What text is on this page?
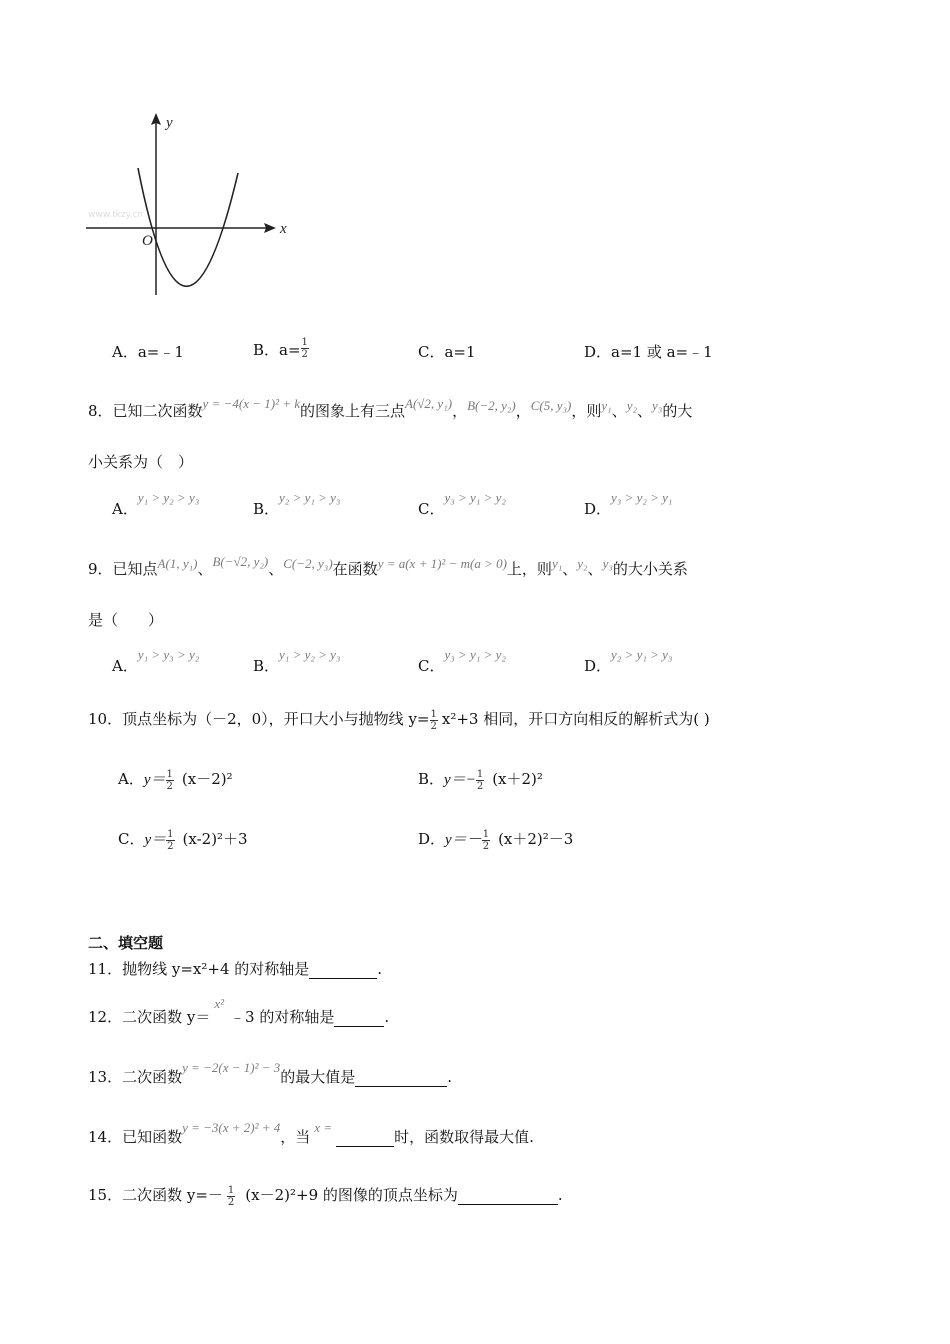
y
x
O
www.tkzy.cn
A．a=﹣1	B．$a= \frac{1}{2}$	C．a=1	D．a=1 或 a=﹣1
8．已知二次函数y = −4(x − 1)² + k的图象上有三点A(√2, y₁)，B(−2, y₂)，C(5, y₃)，则y₁、y₂、y₃的大
小关系为（　）
A．y₁ > y₂ > y₃
B．y₂ > y₁ > y₃
C．y₃ > y₁ > y₂
D．y₃ > y₂ > y₁
9．已知点A(1, y₁)、B(−√2, y₂)、C(−2, y₃)在函数y = a(x + 1)² − m(a > 0)上，则y₁、y₂、y₃的大小关系
是（　　）
A．y₁ > y₃ > y₂
B．y₁ > y₂ > y₃
C．y₃ > y₁ > y₂
D．y₂ > y₁ > y₃
10．顶点坐标为（－2，0），开口大小与抛物线 $y= \frac{1}{2} x^2+3$ 相同，开口方向相反的解析式为( )
A．$y= \frac{1}{2} (x-2)^2$	B．$y=- \frac{1}{2} (x+2)^2$
C．$y= \frac{1}{2} (x-2)^2+3$	D．$y=- \frac{1}{2} (x+2)^2-3$
二、填空题
11．抛物线 y=x²+4 的对称轴是	.
12．二次函数 y＝x²﹣3 的对称轴是	.
13．二次函数y = −2(x − 1)² − 3的最大值是	.
14．已知函数y = −3(x + 2)² + 4，当x = 时，函数取得最大值.
15．二次函数 $y=- \frac{1}{2} (x-2)^2+9$ 的图像的顶点坐标为	.
